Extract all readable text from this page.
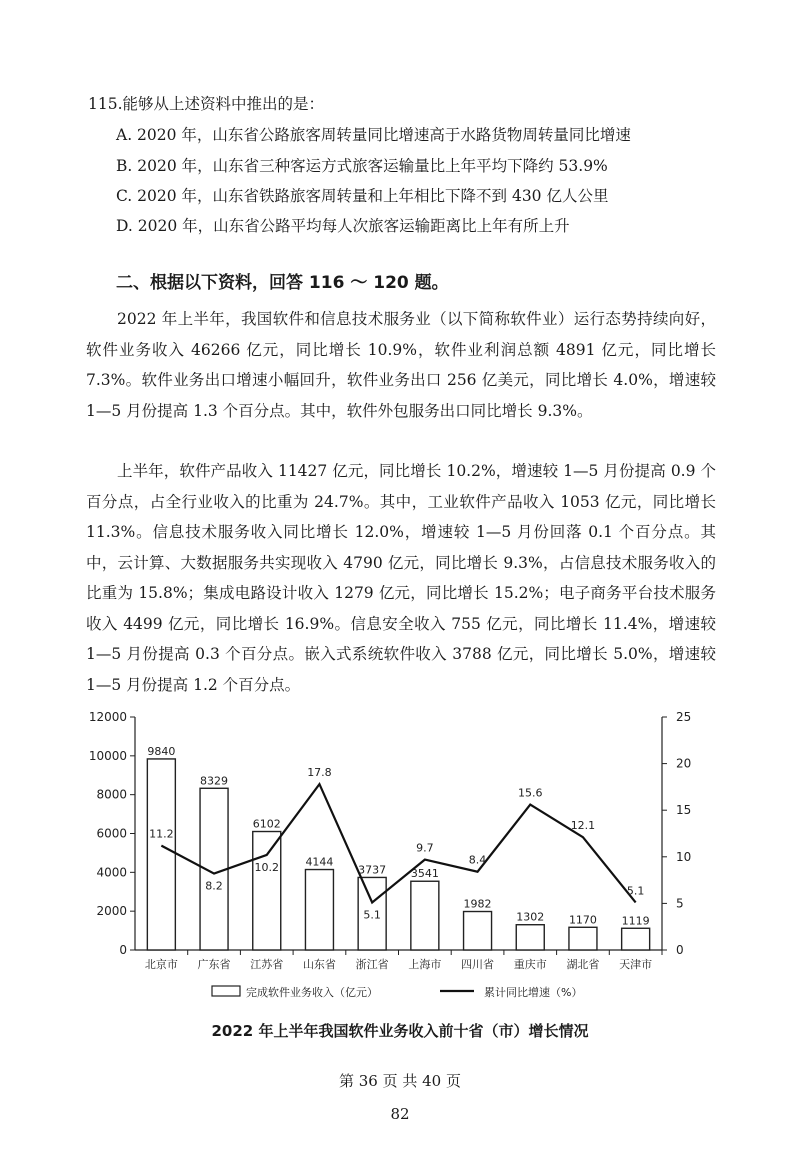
115.能够从上述资料中推出的是：
A. 2020 年，山东省公路旅客周转量同比增速高于水路货物周转量同比增速
B. 2020 年，山东省三种客运方式旅客运输量比上年平均下降约 53.9%
C. 2020 年，山东省铁路旅客周转量和上年相比下降不到 430 亿人公里
D. 2020 年，山东省公路平均每人次旅客运输距离比上年有所上升
二、根据以下资料，回答 116 ～ 120 题。
2022 年上半年，我国软件和信息技术服务业（以下简称软件业）运行态势持续向好，软件业务收入 46266 亿元，同比增长 10.9%，软件业利润总额 4891 亿元，同比增长 7.3%。软件业务出口增速小幅回升，软件业务出口 256 亿美元，同比增长 4.0%，增速较 1—5 月份提高 1.3 个百分点。其中，软件外包服务出口同比增长 9.3%。
上半年，软件产品收入 11427 亿元，同比增长 10.2%，增速较 1—5 月份提高 0.9 个百分点，占全行业收入的比重为 24.7%。其中，工业软件产品收入 1053 亿元，同比增长 11.3%。信息技术服务收入同比增长 12.0%，增速较 1—5 月份回落 0.1 个百分点。其中，云计算、大数据服务共实现收入 4790 亿元，同比增长 9.3%，占信息技术服务收入的比重为 15.8%；集成电路设计收入 1279 亿元，同比增长 15.2%；电子商务平台技术服务收入 4499 亿元，同比增长 16.9%。信息安全收入 755 亿元，同比增长 11.4%，增速较 1—5 月份提高 0.3 个百分点。嵌入式系统软件收入 3788 亿元，同比增长 5.0%，增速较 1—5 月份提高 1.2 个百分点。
0
2000
4000
6000
8000
10000
12000
0
5
10
15
20
25
9840
北京市
8329
广东省
6102
江苏省
4144
山东省
3737
浙江省
3541
上海市
1982
四川省
1302
重庆市
1170
湖北省
1119
天津市
11.2
8.2
10.2
17.8
5.1
9.7
8.4
15.6
12.1
5.1
完成软件业务收入（亿元）	累计同比增速（%）
2022 年上半年我国软件业务收入前十省（市）增长情况
第 36 页 共 40 页
82
